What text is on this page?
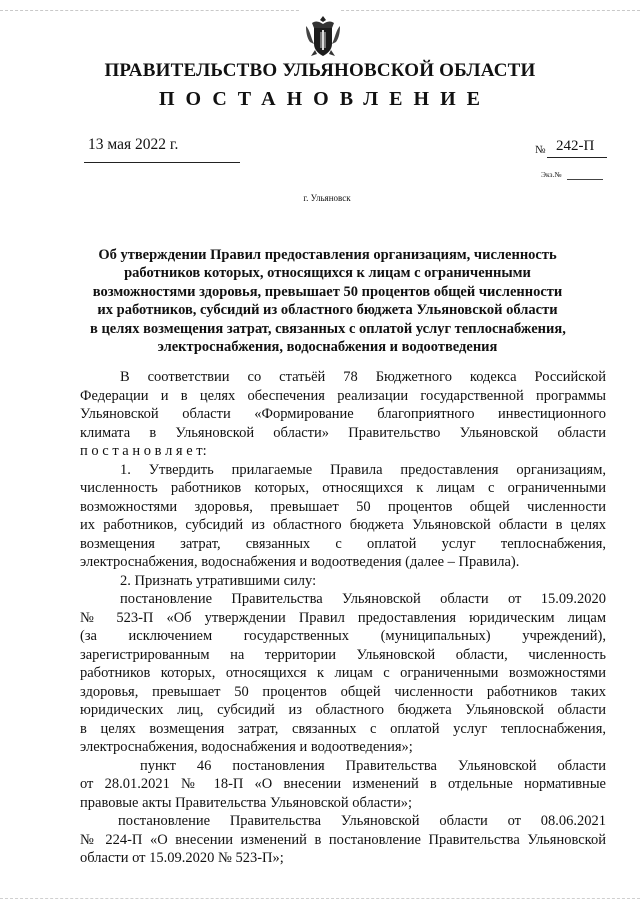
ПРАВИТЕЛЬСТВО УЛЬЯНОВСКОЙ ОБЛАСТИ
ПОСТАНОВЛЕНИЕ
13 мая 2022 г.	№ 242-П
Экз.№
г. Ульяновск
Об утверждении Правил предоставления организациям, численность
работников которых, относящихся к лицам с ограниченными
возможностями здоровья, превышает 50 процентов общей численности
их работников, субсидий из областного бюджета Ульяновской области
в целях возмещения затрат, связанных с оплатой услуг теплоснабжения,
электроснабжения, водоснабжения и водоотведения
В соответствии со статьёй 78 Бюджетного кодекса Российской
Федерации и в целях обеспечения реализации государственной программы
Ульяновской области «Формирование благоприятного инвестиционного
климата в Ульяновской области» Правительство Ульяновской области
п о с т а н о в л я е т:
1. Утвердить прилагаемые Правила предоставления организациям,
численность работников которых, относящихся к лицам с ограниченными
возможностями здоровья, превышает 50 процентов общей численности
их работников, субсидий из областного бюджета Ульяновской области в целях
возмещения затрат, связанных с оплатой услуг теплоснабжения,
электроснабжения, водоснабжения и водоотведения (далее – Правила).
2. Признать утратившими силу:
постановление Правительства Ульяновской области от 15.09.2020
№ 523-П «Об утверждении Правил предоставления юридическим лицам
(за исключением государственных (муниципальных) учреждений),
зарегистрированным на территории Ульяновской области, численность
работников которых, относящихся к лицам с ограниченными возможностями
здоровья, превышает 50 процентов общей численности работников таких
юридических лиц, субсидий из областного бюджета Ульяновской области
в целях возмещения затрат, связанных с оплатой услуг теплоснабжения,
электроснабжения, водоснабжения и водоотведения»;
пункт 46 постановления Правительства Ульяновской области
от 28.01.2021 № 18-П «О внесении изменений в отдельные нормативные
правовые акты Правительства Ульяновской области»;
постановление Правительства Ульяновской области от 08.06.2021
№ 224-П «О внесении изменений в постановление Правительства Ульяновской
области от 15.09.2020 № 523-П»;
